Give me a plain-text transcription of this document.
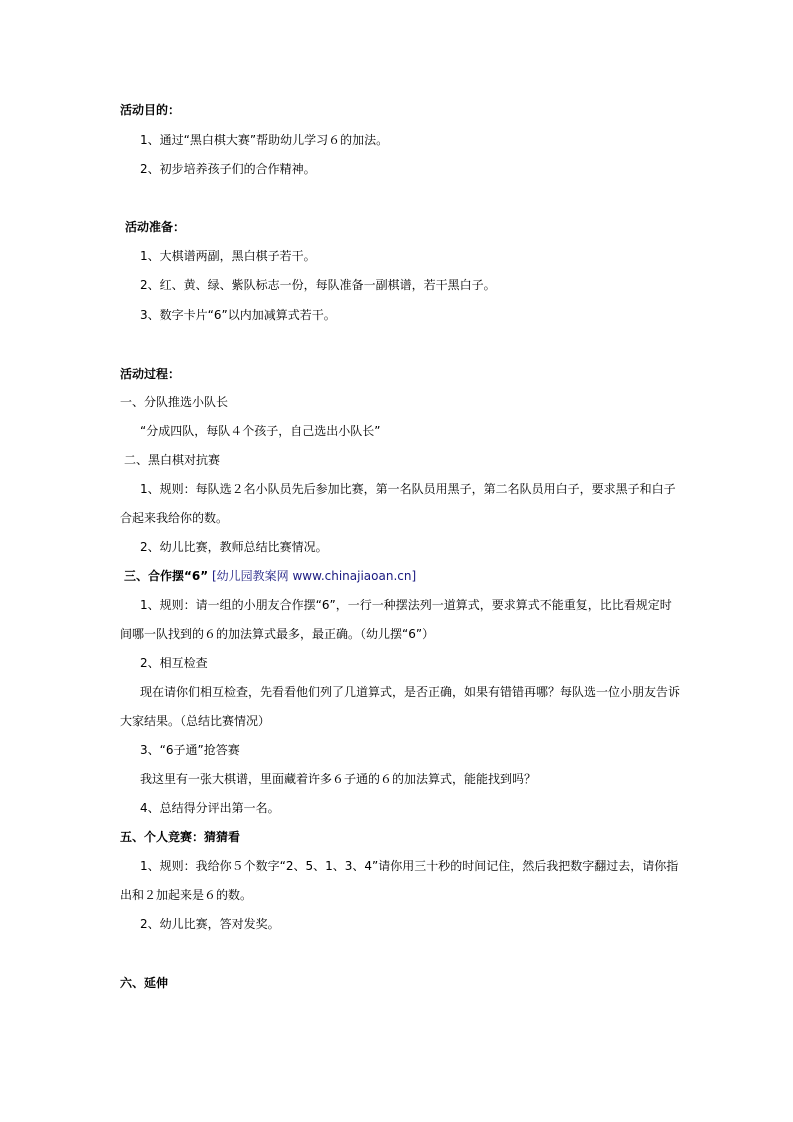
活动目的：
1、通过“黑白棋大赛”帮助幼儿学习６的加法。
2、初步培养孩子们的合作精神。
活动准备：
1、大棋谱两副，黑白棋子若干。
2、红、黄、绿、紫队标志一份，每队准备一副棋谱，若干黑白子。
3、数字卡片“6”以内加减算式若干。
活动过程：
一、分队推选小队长
“分成四队，每队４个孩子，自己选出小队长”
二、黑白棋对抗赛
1、规则：每队选２名小队员先后参加比赛，第一名队员用黑子，第二名队员用白子，要求黑子和白子
合起来我给你的数。
2、幼儿比赛，教师总结比赛情况。
三、合作摆“6” [幼儿园教案网 www.chinajiaoan.cn]
1、规则：请一组的小朋友合作摆“6”，一行一种摆法列一道算式，要求算式不能重复，比比看规定时
间哪一队找到的６的加法算式最多，最正确。（幼儿摆“6”）
2、相互检查
现在请你们相互检查，先看看他们列了几道算式，是否正确，如果有错错再哪？每队选一位小朋友告诉
大家结果。（总结比赛情况）
3、“6子通”抢答赛
我这里有一张大棋谱，里面藏着许多６子通的６的加法算式，能能找到吗？
4、总结得分评出第一名。
五、个人竞赛：猜猜看
1、规则：我给你５个数字“2、5、1、3、4”请你用三十秒的时间记住，然后我把数字翻过去，请你指
出和２加起来是６的数。
2、幼儿比赛，答对发奖。
六、延伸
